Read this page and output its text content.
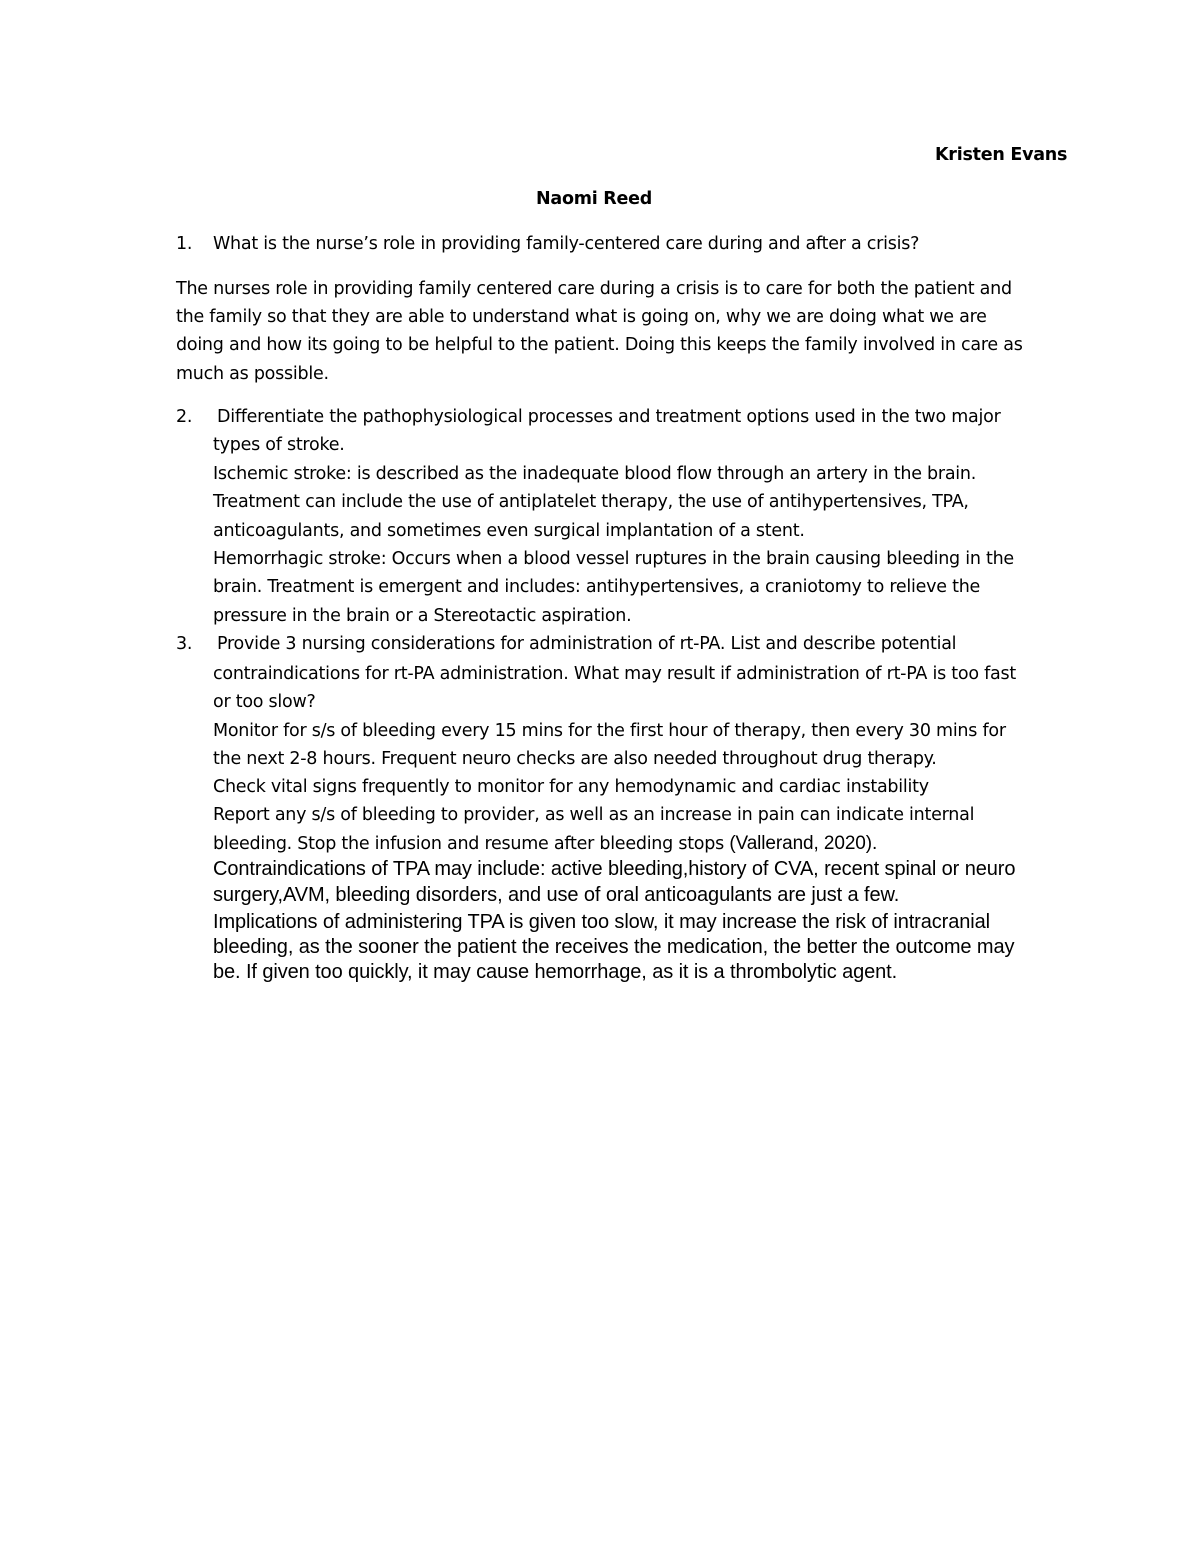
Kristen Evans
Naomi Reed
1. What is the nurse’s role in providing family-centered care during and after a crisis?
The nurses role in providing family centered care during a crisis is to care for both the patient and
the family so that they are able to understand what is going on, why we are doing what we are
doing and how its going to be helpful to the patient. Doing this keeps the family involved in care as
much as possible.
2. Differentiate the pathophysiological processes and treatment options used in the two major
types of stroke.
Ischemic stroke: is described as the inadequate blood flow through an artery in the brain.
Treatment can include the use of antiplatelet therapy, the use of antihypertensives, TPA,
anticoagulants, and sometimes even surgical implantation of a stent.
Hemorrhagic stroke: Occurs when a blood vessel ruptures in the brain causing bleeding in the
brain. Treatment is emergent and includes: antihypertensives, a craniotomy to relieve the
pressure in the brain or a Stereotactic aspiration.
3. Provide 3 nursing considerations for administration of rt-PA. List and describe potential
contraindications for rt-PA administration. What may result if administration of rt-PA is too fast
or too slow?
Monitor for s/s of bleeding every 15 mins for the first hour of therapy, then every 30 mins for
the next 2-8 hours. Frequent neuro checks are also needed throughout drug therapy.
Check vital signs frequently to monitor for any hemodynamic and cardiac instability
Report any s/s of bleeding to provider, as well as an increase in pain can indicate internal
bleeding. Stop the infusion and resume after bleeding stops (Vallerand, 2020).
Contraindications of TPA may include: active bleeding,history of CVA, recent spinal or neuro
surgery,AVM, bleeding disorders, and use of oral anticoagulants are just a few.
Implications of administering TPA is given too slow, it may increase the risk of intracranial
bleeding, as the sooner the patient the receives the medication, the better the outcome may
be. If given too quickly, it may cause hemorrhage, as it is a thrombolytic agent.
